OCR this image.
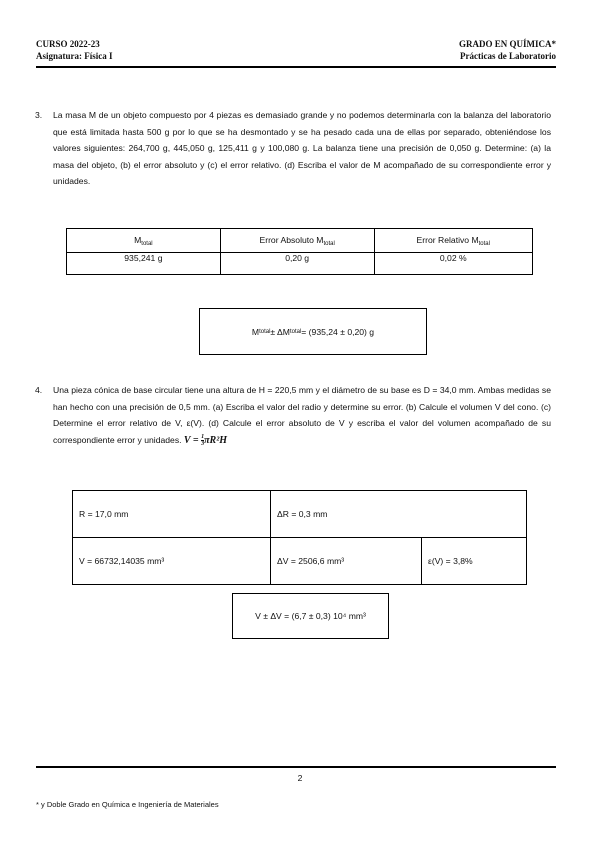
CURSO 2022-23
Asignatura: Física I
GRADO EN QUÍMICA*
Prácticas de Laboratorio
3. La masa M de un objeto compuesto por 4 piezas es demasiado grande y no podemos determinarla con la balanza del laboratorio que está limitada hasta 500 g por lo que se ha desmontado y se ha pesado cada una de ellas por separado, obteniéndose los valores siguientes: 264,700 g, 445,050 g, 125,411 g y 100,080 g. La balanza tiene una precisión de 0,050 g. Determine: (a) la masa del objeto, (b) el error absoluto y (c) el error relativo. (d) Escriba el valor de M acompañado de su correspondiente error y unidades.
$M_{total}$	Error Absoluto $M_{total}$	Error Relativo $M_{total}$
935,241 g	0,20 g	0,02 %
M total ± ΔM total = (935,24 ± 0,20) g
4. Una pieza cónica de base circular tiene una altura de H = 220,5 mm y el diámetro de su base es D = 34,0 mm. Ambas medidas se han hecho con una precisión de 0,5 mm. (a) Escriba el valor del radio y determine su error. (b) Calcule el volumen V del cono. (c) Determine el error relativo de V, ε(V). (d) Calcule el error absoluto de V y escriba el valor del volumen acompañado de su correspondiente error y unidades. $V = \frac{1}{3} \pi R^2H$
R = 17,0 mm	ΔR = 0,3 mm	
V = 66732,14035 mm³	ΔV = 2506,6 mm³	ε(V) = 3,8%
V ± ΔV = (6,7 ± 0,3) 10⁴ mm³
2
* y Doble Grado en Química e Ingeniería de Materiales
